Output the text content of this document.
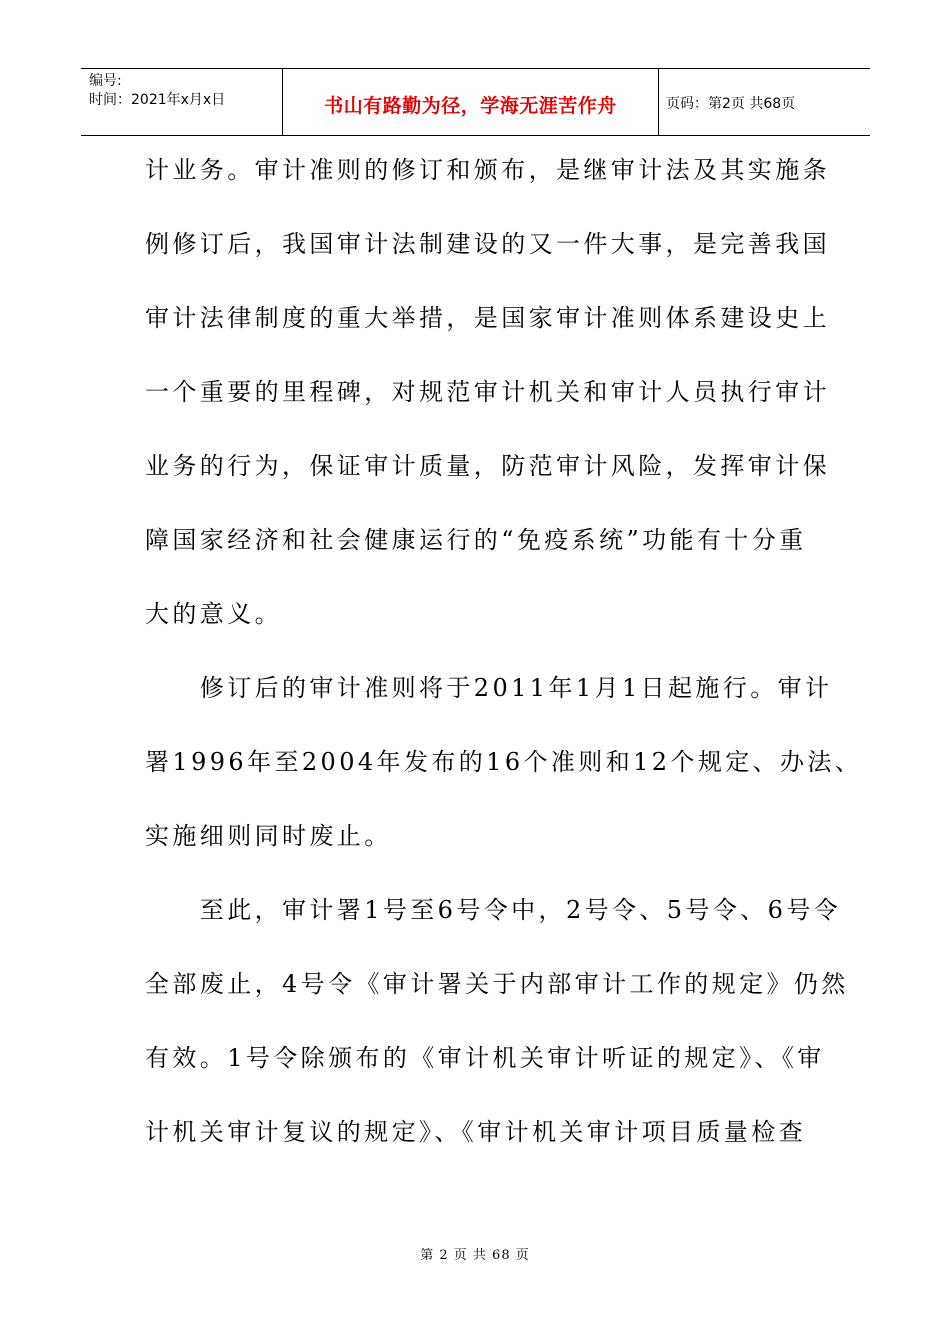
编号:
时间：2021年x月x日	书山有路勤为径，学海无涯苦作舟	页码：第2页 共68页
计业务。审计准则的修订和颁布，是继审计法及其实施条
例修订后，我国审计法制建设的又一件大事，是完善我国
审计法律制度的重大举措，是国家审计准则体系建设史上
一个重要的里程碑，对规范审计机关和审计人员执行审计
业务的行为，保证审计质量，防范审计风险，发挥审计保
障国家经济和社会健康运行的“免疫系统”功能有十分重
大的意义。
　　修订后的审计准则将于2011年1月1日起施行。审计
署1996年至2004年发布的16个准则和12个规定、办法、
实施细则同时废止。
　　至此，审计署1号至6号令中，2号令、5号令、6号令
全部废止，4号令《审计署关于内部审计工作的规定》仍然
有效。1号令除颁布的《审计机关审计听证的规定》、《审
计机关审计复议的规定》、《审计机关审计项目质量检查
第 2 页 共 68 页
